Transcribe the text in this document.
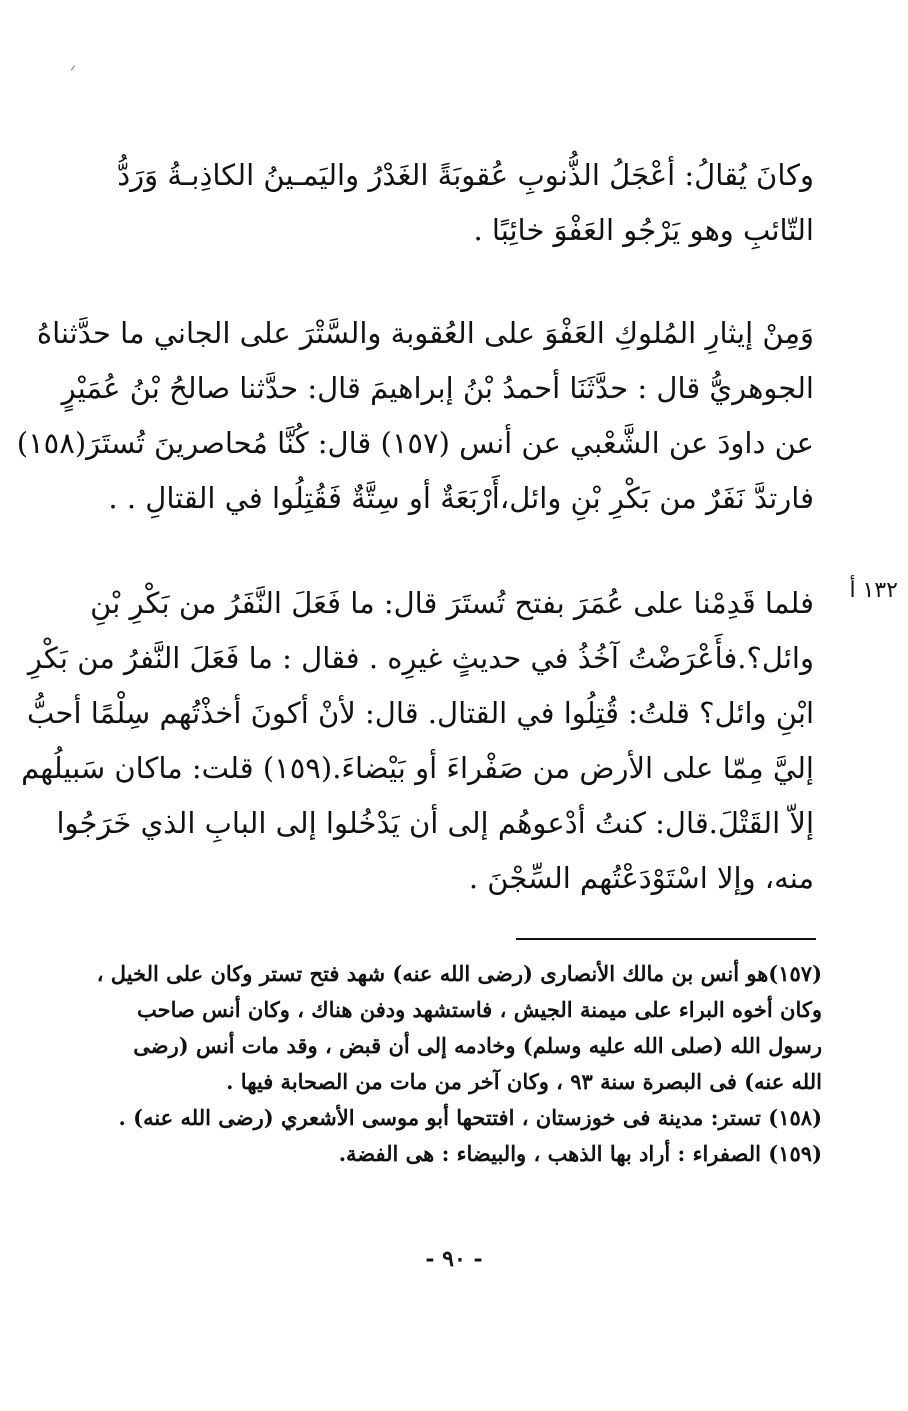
وكانَ يُقالُ: أعْجَلُ الذُّنوبِ عُقوبَةً الغَدْرُ واليَمـينُ الكاذِبـةُ وَرَدُّ
التّائبِ وهو يَرْجُو العَفْوَ خائِبًا .
وَمِنْ إيثارِ المُلوكِ العَفْوَ على العُقوبة والسَّتْرَ على الجاني ما حدَّثناهُ
الجوهريُّ قال : حدَّثَنَا أحمدُ بْنُ إبراهيمَ قال: حدَّثنا صالحُ بْنُ عُمَيْرٍ
عن داودَ عن الشَّعْبي عن أنس (١٥٧) قال: كُنَّا مُحاصرينَ تُستَرَ(١٥٨)
فارتدَّ نَفَرٌ من بَكْرِ بْنِ وائل،أَرْبَعَةٌ أو سِتَّةٌ فَقُتِلُوا في القتالِ . .
١٣٢ أ
فلما قَدِمْنا على عُمَرَ بفتح تُستَرَ قال: ما فَعَلَ النَّفَرُ من بَكْرِ بْنِ
وائل؟.فأَعْرَضْتُ آخُذُ في حديثٍ غيرِه . فقال : ما فَعَلَ النَّفرُ من بَكْرِ
ابْنِ وائل؟ قلتُ: قُتِلُوا في القتال. قال: لأنْ أكونَ أخذْتُهم سِلْمًا أحبُّ
إليَّ مِمّا على الأرض من صَفْراءَ أو بَيْضاءَ.(١٥٩) قلت: ماكان سَبيلُهم
إلاّ القَتْلَ.قال: كنتُ أدْعوهُم إلى أن يَدْخُلوا إلى البابِ الذي خَرَجُوا
منه، وإلا اسْتَوْدَعْتُهم السِّجْنَ .
(١٥٧)هو أنس بن مالك الأنصارى (رضى الله عنه) شهد فتح تستر وكان على الخيل ،
وكان أخوه البراء على ميمنة الجيش ، فاستشهد ودفن هناك ، وكان أنس صاحب
رسول الله (صلى الله عليه وسلم) وخادمه إلى أن قبض ، وقد مات أنس (رضى
الله عنه) فى البصرة سنة ٩٣ ، وكان آخر من مات من الصحابة فيها .
(١٥٨) تستر: مدينة فى خوزستان ، افتتحها أبو موسى الأشعري (رضى الله عنه) .
(١٥٩) الصفراء : أراد بها الذهب ، والبيضاء : هى الفضة.
- ٩٠ -
